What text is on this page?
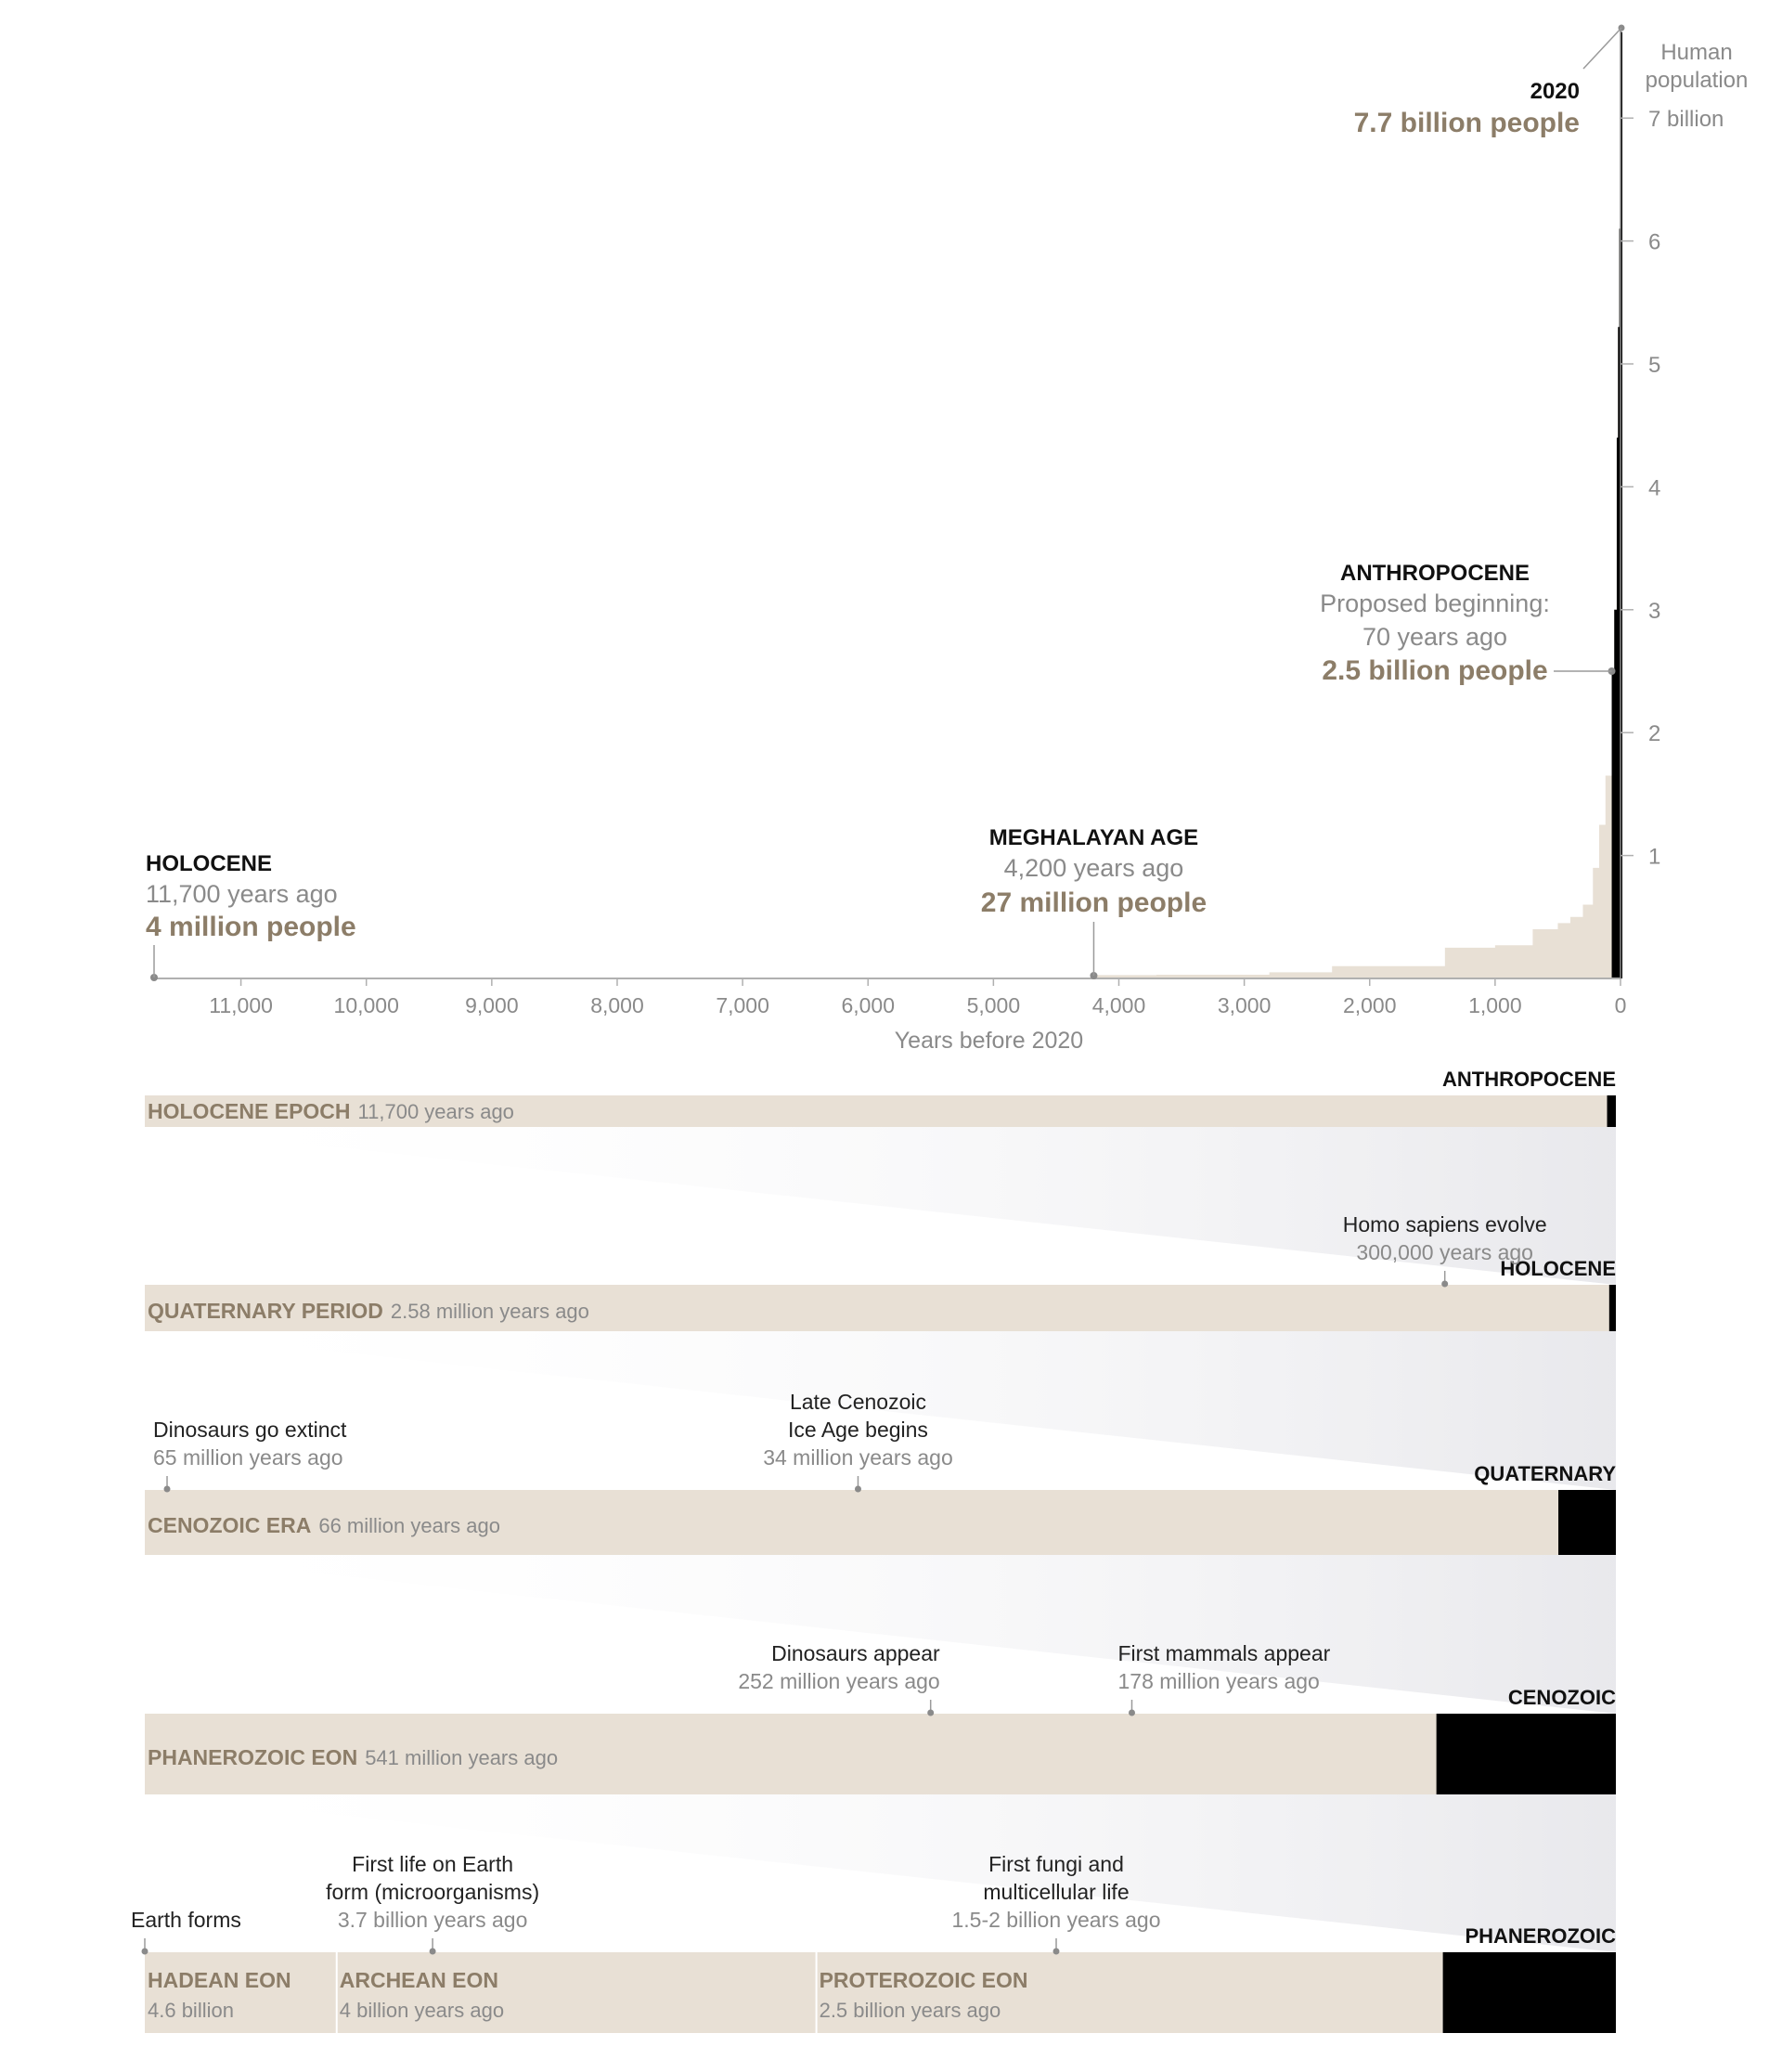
11,000	10,000	9,000	8,000	7,000	6,000	5,000	4,000	3,000	2,000	1,000	0
Years before 2020
1
2
3
4
5
6
7 billion
Human
population
2020
7.7 billion people
ANTHROPOCENE
Proposed beginning:
70 years ago
2.5 billion people
MEGHALAYAN AGE
4,200 years ago
27 million people
HOLOCENE
11,700 years ago
4 million people
HOLOCENE EPOCH 11,700 years ago
ANTHROPOCENE
QUATERNARY PERIOD 2.58 million years ago
HOLOCENE
Homo sapiens evolve
300,000 years ago
CENOZOIC ERA 66 million years ago
QUATERNARY
Dinosaurs go extinct
65 million years ago
Late Cenozoic
Ice Age begins
34 million years ago
PHANEROZOIC EON 541 million years ago
CENOZOIC
Dinosaurs appear
252 million years ago
First mammals appear
178 million years ago
HADEAN EON
4.6 billion
ARCHEAN EON
4 billion years ago
PROTEROZOIC EON
2.5 billion years ago
PHANEROZOIC
Earth forms
First life on Earth
form (microorganisms)
3.7 billion years ago
First fungi and
multicellular life
1.5-2 billion years ago
